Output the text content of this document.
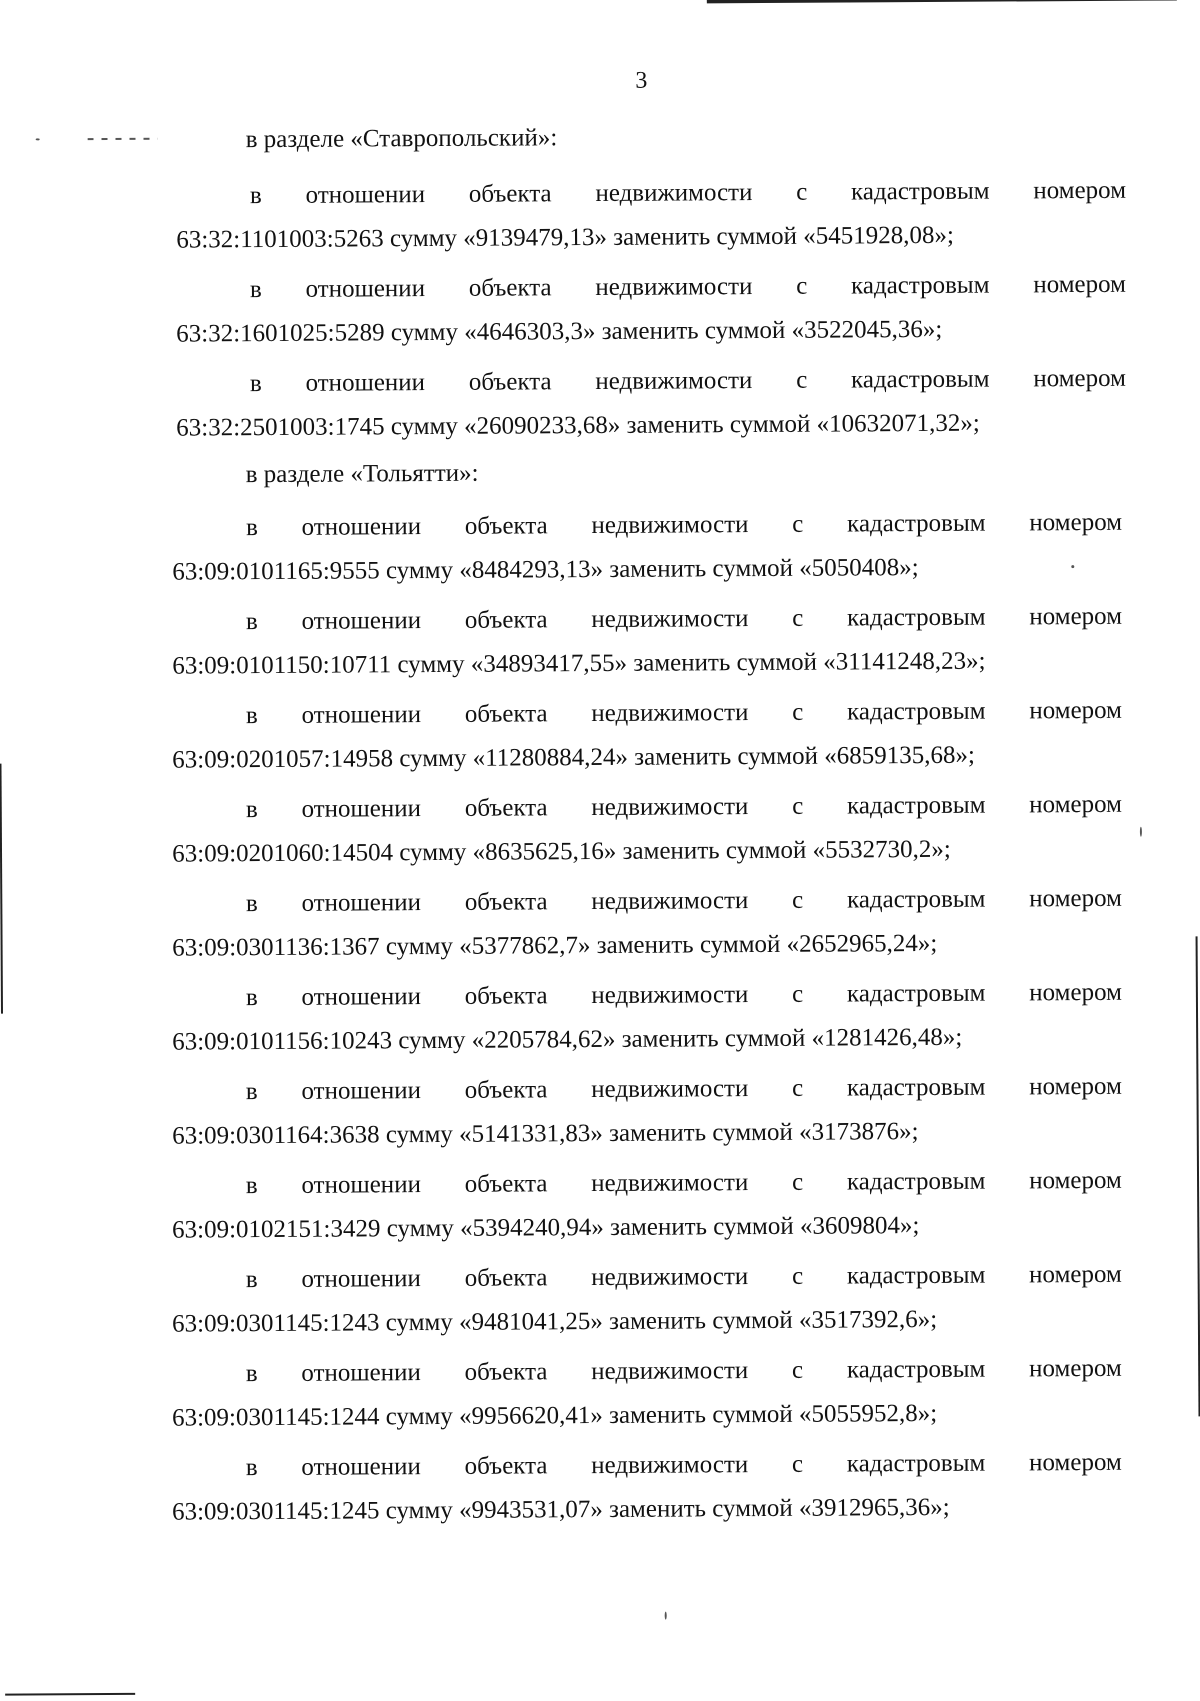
3
в разделе «Ставропольский»:
в отношении объекта недвижимости с кадастровым номером
63:32:1101003:5263 сумму «9139479,13» заменить суммой «5451928,08»;
в отношении объекта недвижимости с кадастровым номером
63:32:1601025:5289 сумму «4646303,3» заменить суммой «3522045,36»;
в отношении объекта недвижимости с кадастровым номером
63:32:2501003:1745 сумму «26090233,68» заменить суммой «10632071,32»;
в разделе «Тольятти»:
в отношении объекта недвижимости с кадастровым номером
63:09:0101165:9555 сумму «8484293,13» заменить суммой «5050408»;
в отношении объекта недвижимости с кадастровым номером
63:09:0101150:10711 сумму «34893417,55» заменить суммой «31141248,23»;
в отношении объекта недвижимости с кадастровым номером
63:09:0201057:14958 сумму «11280884,24» заменить суммой «6859135,68»;
в отношении объекта недвижимости с кадастровым номером
63:09:0201060:14504 сумму «8635625,16» заменить суммой «5532730,2»;
в отношении объекта недвижимости с кадастровым номером
63:09:0301136:1367 сумму «5377862,7» заменить суммой «2652965,24»;
в отношении объекта недвижимости с кадастровым номером
63:09:0101156:10243 сумму «2205784,62» заменить суммой «1281426,48»;
в отношении объекта недвижимости с кадастровым номером
63:09:0301164:3638 сумму «5141331,83» заменить суммой «3173876»;
в отношении объекта недвижимости с кадастровым номером
63:09:0102151:3429 сумму «5394240,94» заменить суммой «3609804»;
в отношении объекта недвижимости с кадастровым номером
63:09:0301145:1243 сумму «9481041,25» заменить суммой «3517392,6»;
в отношении объекта недвижимости с кадастровым номером
63:09:0301145:1244 сумму «9956620,41» заменить суммой «5055952,8»;
в отношении объекта недвижимости с кадастровым номером
63:09:0301145:1245 сумму «9943531,07» заменить суммой «3912965,36»;
